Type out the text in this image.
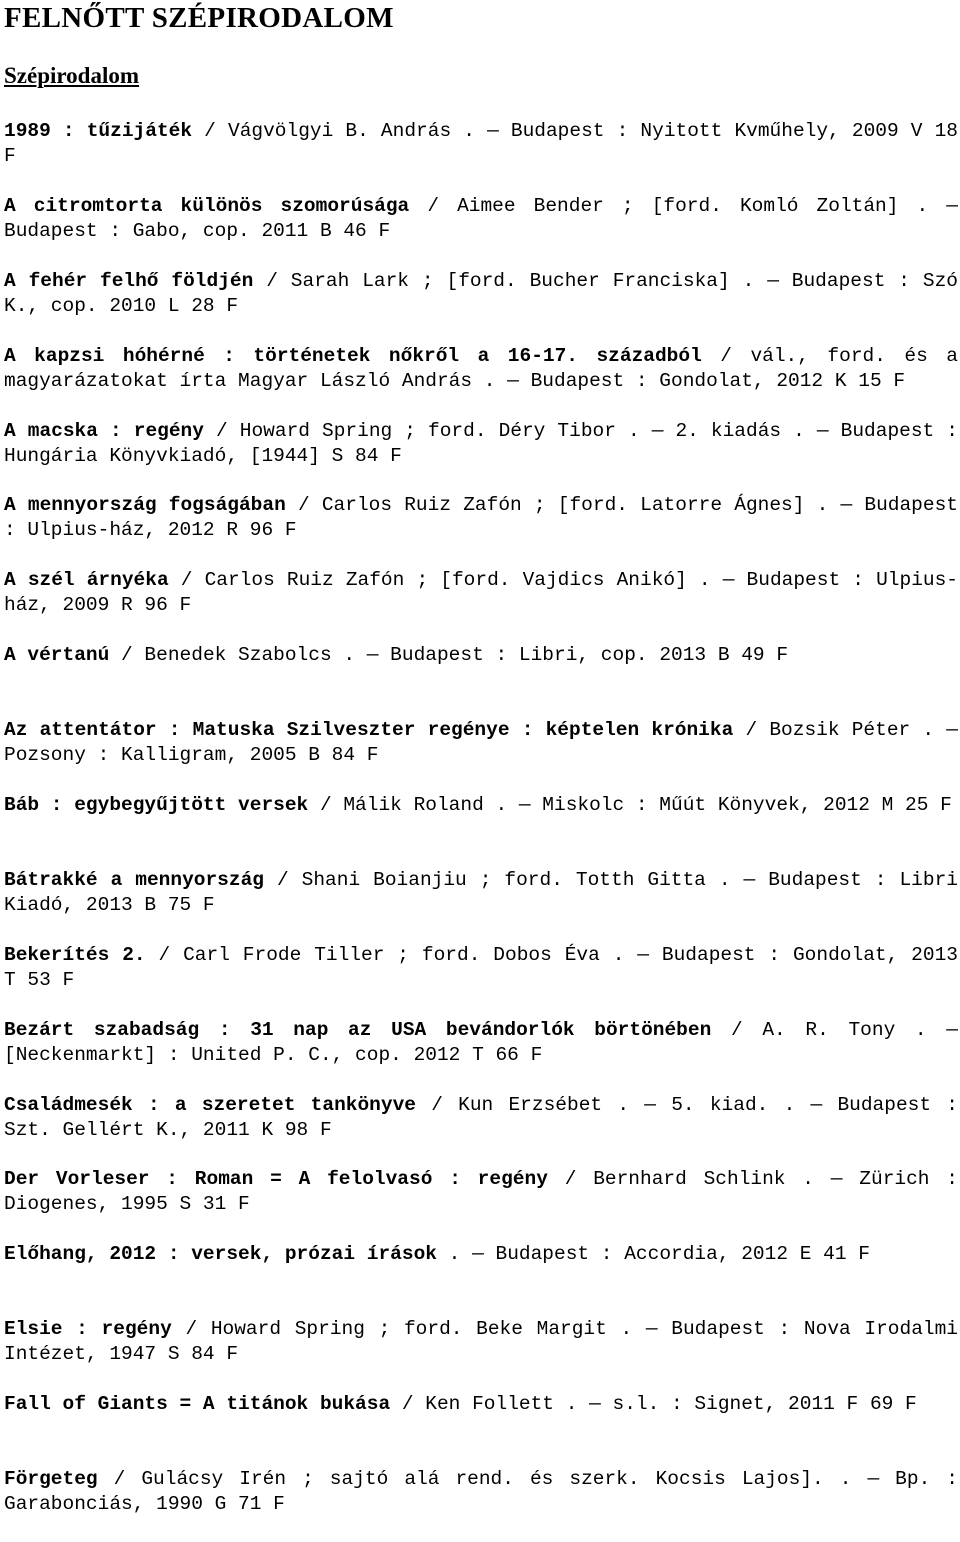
FELNŐTT SZÉPIRODALOM
Szépirodalom
1989 : tűzijáték / Vágvölgyi B. András . — Budapest : Nyitott Kvműhely, 2009 V 18 F
A citromtorta különös szomorúsága / Aimee Bender ; [ford. Komló Zoltán] . — Budapest : Gabo, cop. 2011 B 46 F
A fehér felhő földjén / Sarah Lark ; [ford. Bucher Franciska] . — Budapest : Szó K., cop. 2010 L 28 F
A kapzsi hóhérné : történetek nőkről a 16-17. századból / vál., ford. és a magyarázatokat írta Magyar László András . — Budapest : Gondolat, 2012 K 15 F
A macska : regény / Howard Spring ; ford. Déry Tibor . — 2. kiadás . — Budapest : Hungária Könyvkiadó, [1944] S 84 F
A mennyország fogságában / Carlos Ruiz Zafón ; [ford. Latorre Ágnes] . — Budapest : Ulpius-ház, 2012 R 96 F
A szél árnyéka / Carlos Ruiz Zafón ; [ford. Vajdics Anikó] . — Budapest : Ulpius-ház, 2009 R 96 F
A vértanú / Benedek Szabolcs . — Budapest : Libri, cop. 2013 B 49 F
Az attentátor : Matuska Szilveszter regénye : képtelen krónika / Bozsik Péter . — Pozsony : Kalligram, 2005 B 84 F
Báb : egybegyűjtött versek / Málik Roland . — Miskolc : Műút Könyvek, 2012 M 25 F
Bátrakké a mennyország / Shani Boianjiu ; ford. Totth Gitta . — Budapest : Libri Kiadó, 2013 B 75 F
Bekerítés 2. / Carl Frode Tiller ; ford. Dobos Éva . — Budapest : Gondolat, 2013 T 53 F
Bezárt szabadság : 31 nap az USA bevándorlók börtönében / A. R. Tony . — [Neckenmarkt] : United P. C., cop. 2012 T 66 F
Családmesék : a szeretet tankönyve / Kun Erzsébet . — 5. kiad. . — Budapest : Szt. Gellért K., 2011 K 98 F
Der Vorleser : Roman = A felolvasó : regény / Bernhard Schlink . — Zürich : Diogenes, 1995 S 31 F
Előhang, 2012 : versek, prózai írások . — Budapest : Accordia, 2012 E 41 F
Elsie : regény / Howard Spring ; ford. Beke Margit . — Budapest : Nova Irodalmi Intézet, 1947 S 84 F
Fall of Giants = A titánok bukása / Ken Follett . — s.l. : Signet, 2011 F 69 F
Förgeteg / Gulácsy Irén ; sajtó alá rend. és szerk. Kocsis Lajos]. . — Bp. : Garabonciás, 1990 G 71 F
